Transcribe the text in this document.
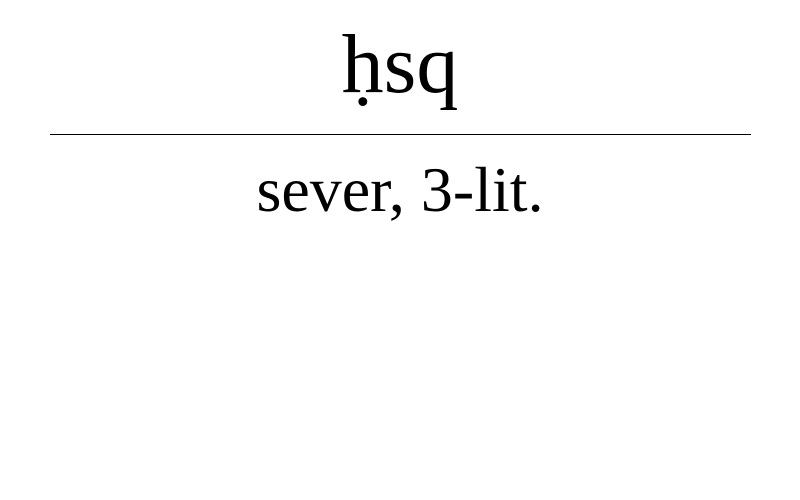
ḥsq
sever, 3-lit.
